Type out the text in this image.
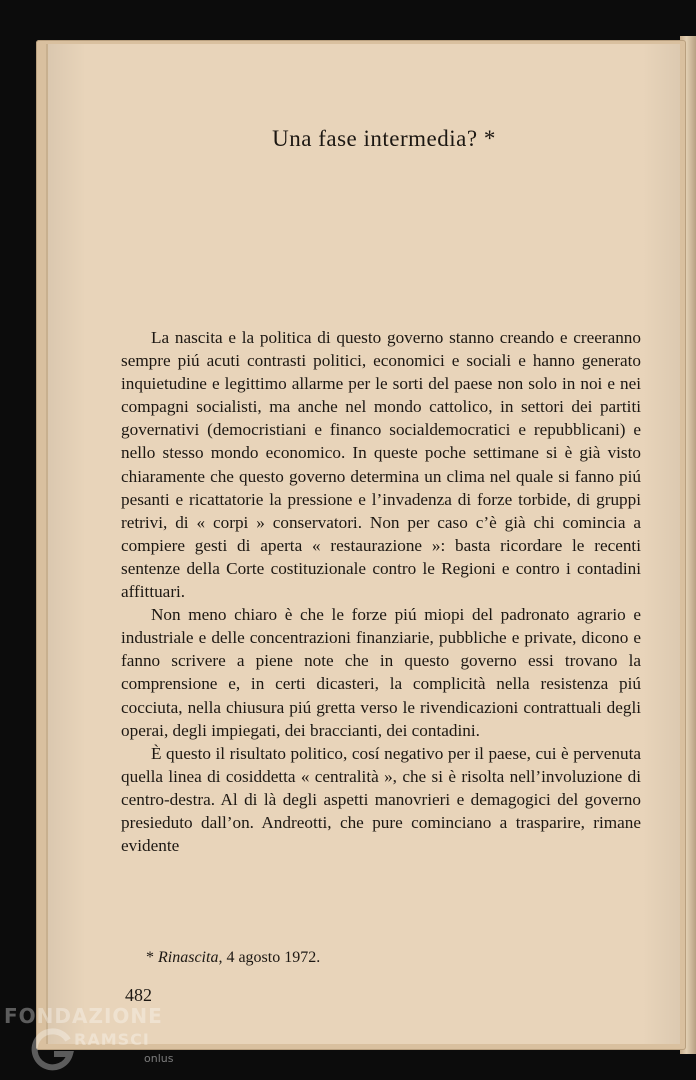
Una fase intermedia? *

La nascita e la politica di questo governo stanno creando e creeranno sempre piú acuti contrasti politici, economici e sociali e hanno generato inquietudine e legittimo allarme per le sorti del paese non solo in noi e nei compagni socialisti, ma anche nel mondo cattolico, in settori dei partiti governativi (democristiani e financo socialdemocratici e repubblicani) e nello stesso mondo economico. In queste poche settimane si è già visto chiaramente che questo governo determina un clima nel quale si fanno piú pesanti e ricattatorie la pressione e l’invadenza di forze torbide, di gruppi retrivi, di « corpi » conservatori. Non per caso c’è già chi comincia a compiere gesti di aperta « restaurazione »: basta ricordare le recenti sentenze della Corte costituzionale contro le Regioni e contro i contadini affittuari.

Non meno chiaro è che le forze piú miopi del padronato agrario e industriale e delle concentrazioni finanziarie, pubbliche e private, dicono e fanno scrivere a piene note che in questo governo essi trovano la comprensione e, in certi dicasteri, la complicità nella resistenza piú cocciuta, nella chiusura piú gretta verso le rivendicazioni contrattuali degli operai, degli impiegati, dei braccianti, dei contadini.

È questo il risultato politico, cosí negativo per il paese, cui è pervenuta quella linea di cosiddetta « centralità », che si è risolta nell’involuzione di centro-destra. Al di là degli aspetti manovrieri e demagogici del governo presieduto dall’on. Andreotti, che pure cominciano a trasparire, rimane evidente

* Rinascita, 4 agosto 1972.
482
FONDAZIONE
RAMSCI
onlus
